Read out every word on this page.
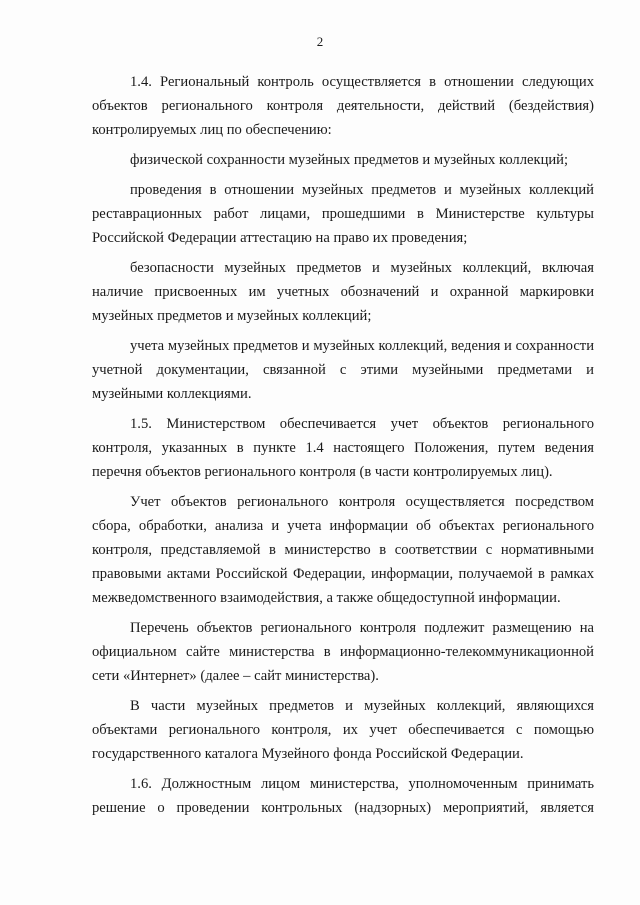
2

1.4. Региональный контроль осуществляется в отношении следующих объектов регионального контроля деятельности, действий (бездействия) контролируемых лиц по обеспечению:

физической сохранности музейных предметов и музейных коллекций;

проведения в отношении музейных предметов и музейных коллекций реставрационных работ лицами, прошедшими в Министерстве культуры Российской Федерации аттестацию на право их проведения;

безопасности музейных предметов и музейных коллекций, включая наличие присвоенных им учетных обозначений и охранной маркировки музейных предметов и музейных коллекций;

учета музейных предметов и музейных коллекций, ведения и сохранности учетной документации, связанной с этими музейными предметами и музейными коллекциями.

1.5. Министерством обеспечивается учет объектов регионального контроля, указанных в пункте 1.4 настоящего Положения, путем ведения перечня объектов регионального контроля (в части контролируемых лиц).

Учет объектов регионального контроля осуществляется посредством сбора, обработки, анализа и учета информации об объектах регионального контроля, представляемой в министерство в соответствии с нормативными правовыми актами Российской Федерации, информации, получаемой в рамках межведомственного взаимодействия, а также общедоступной информации.

Перечень объектов регионального контроля подлежит размещению на официальном сайте министерства в информационно-телекоммуникационной сети «Интернет» (далее – сайт министерства).

В части музейных предметов и музейных коллекций, являющихся объектами регионального контроля, их учет обеспечивается с помощью государственного каталога Музейного фонда Российской Федерации.

1.6. Должностным лицом министерства, уполномоченным принимать решение о проведении контрольных (надзорных) мероприятий, является
